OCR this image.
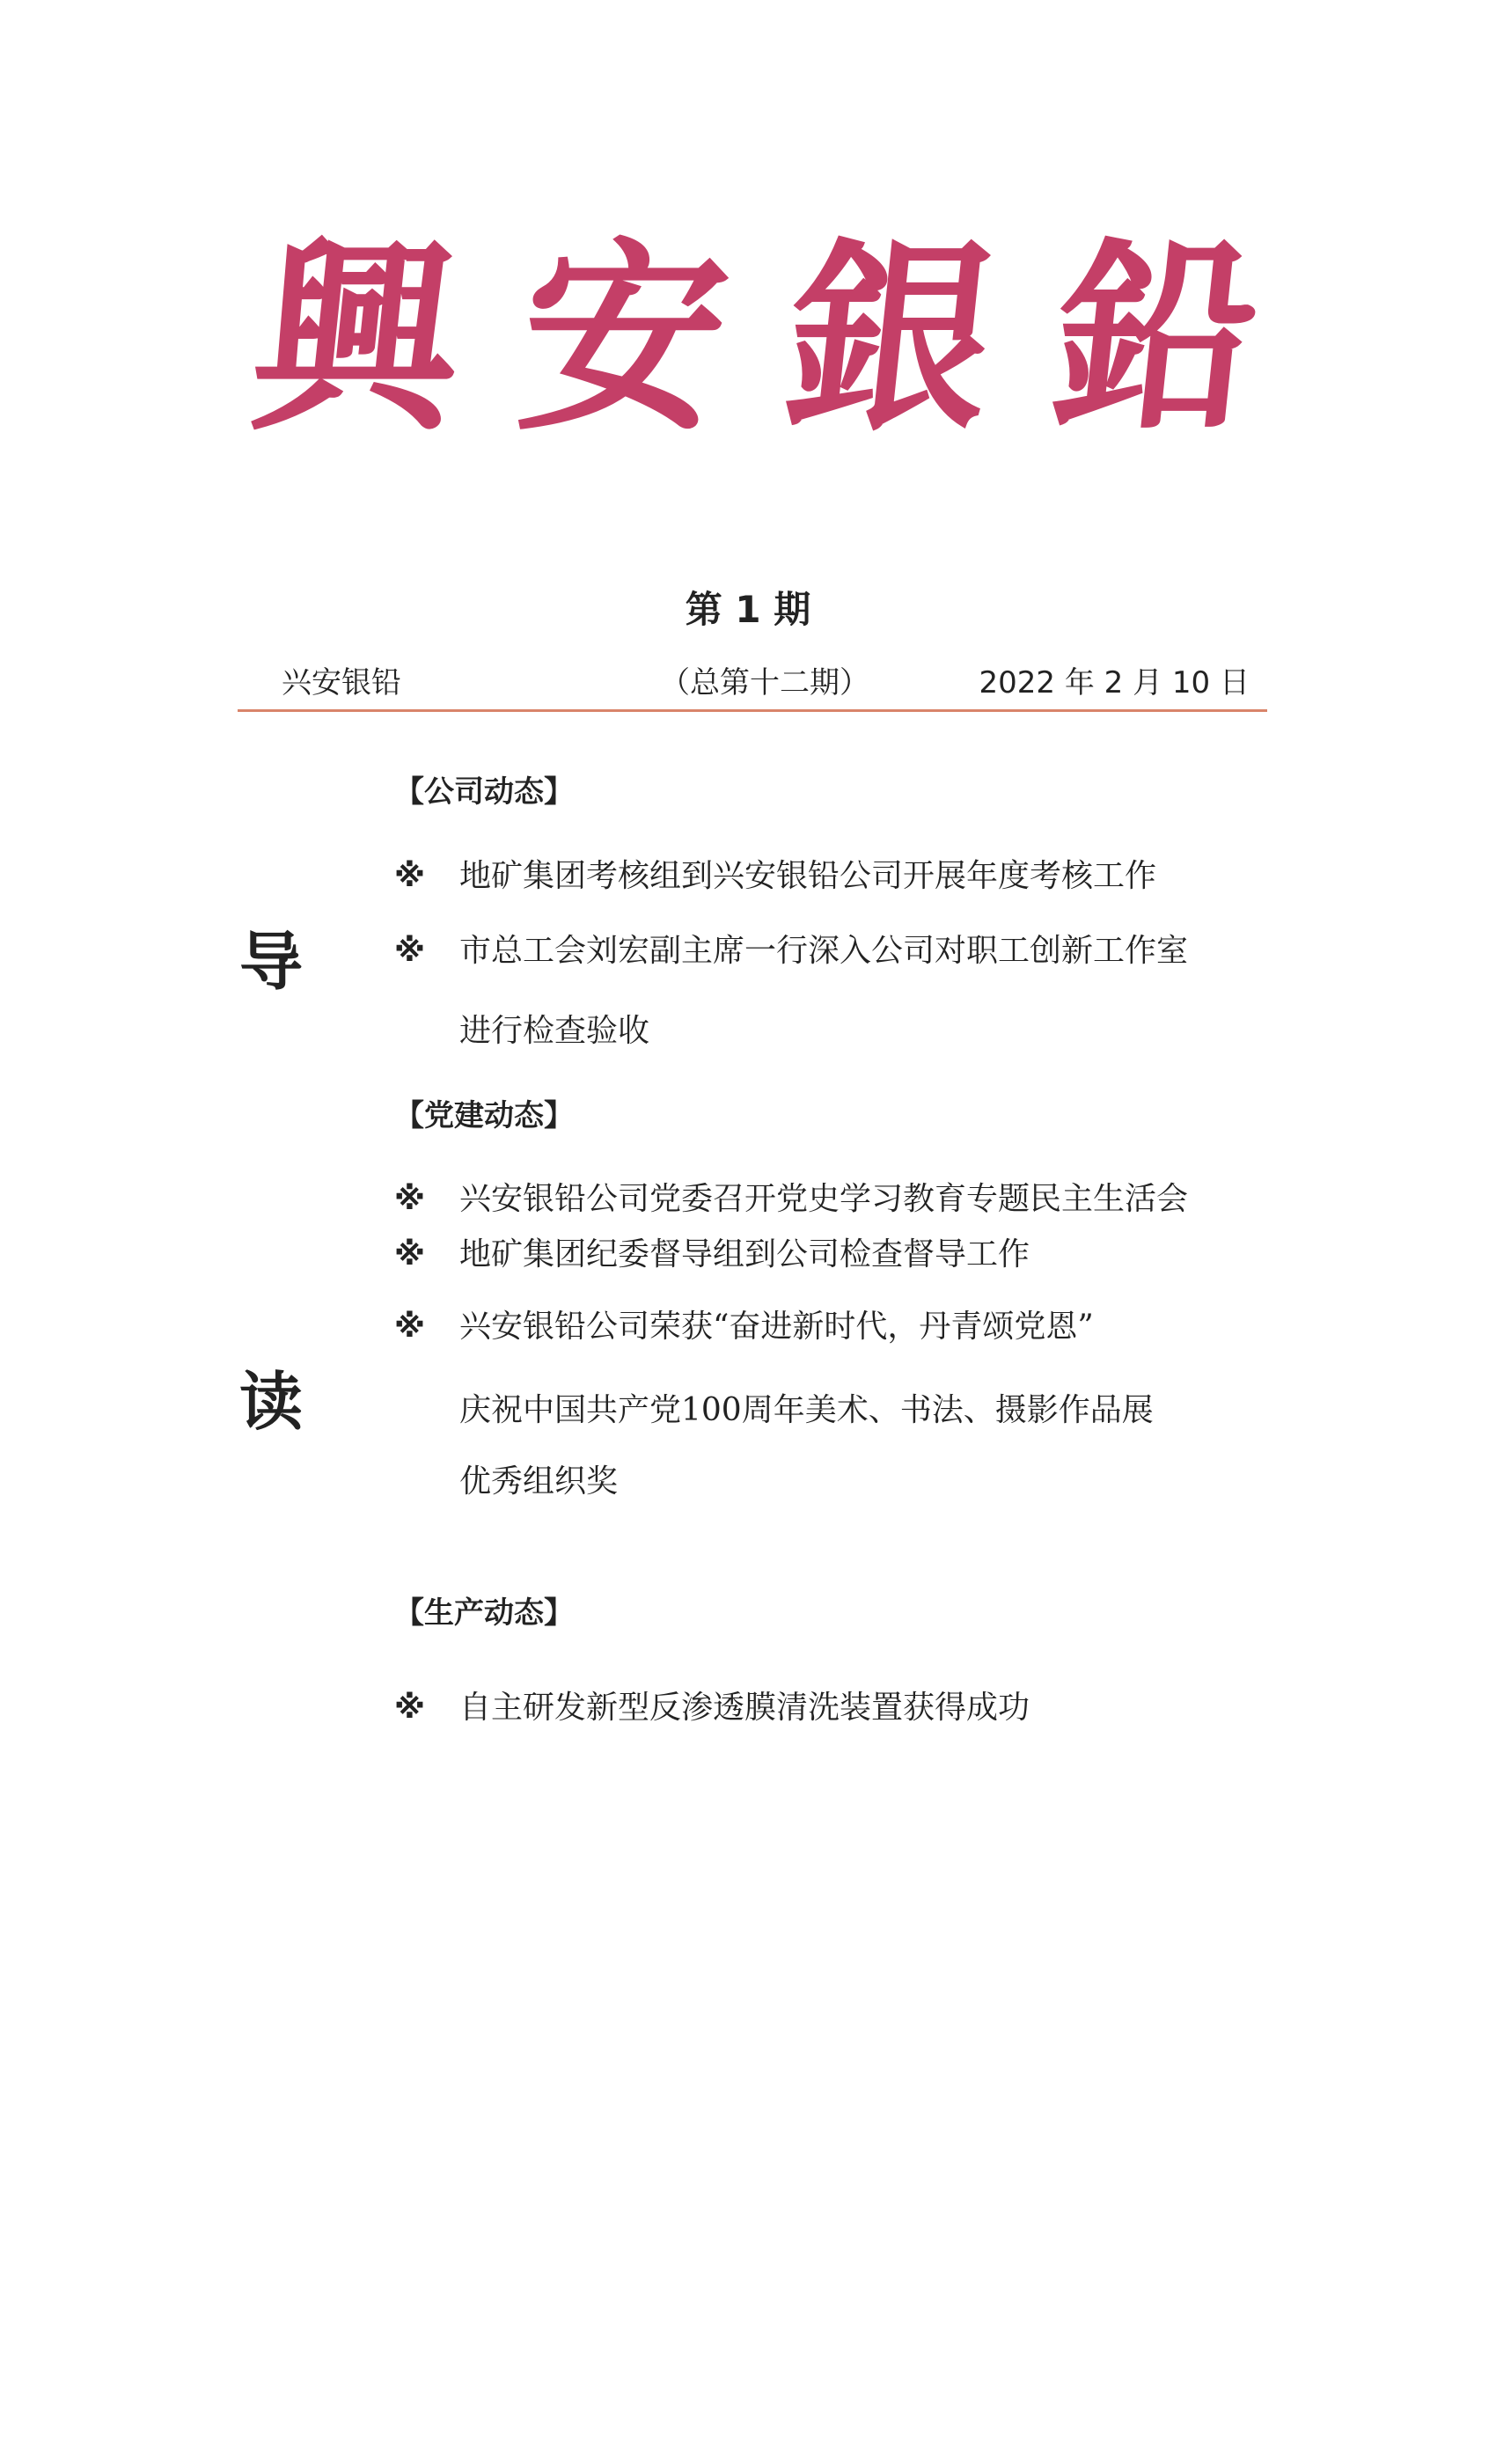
興 安 銀 鉛
第 1 期
兴安银铅	（总第十二期）	2022 年 2 月 10 日
导
读
【公司动态】
※ 地矿集团考核组到兴安银铅公司开展年度考核工作
※ 市总工会刘宏副主席一行深入公司对职工创新工作室
进行检查验收
【党建动态】
※ 兴安银铅公司党委召开党史学习教育专题民主生活会
※ 地矿集团纪委督导组到公司检查督导工作
※ 兴安银铅公司荣获“奋进新时代，丹青颂党恩”
庆祝中国共产党100周年美术、书法、摄影作品展
优秀组织奖
【生产动态】
※ 自主研发新型反渗透膜清洗装置获得成功
